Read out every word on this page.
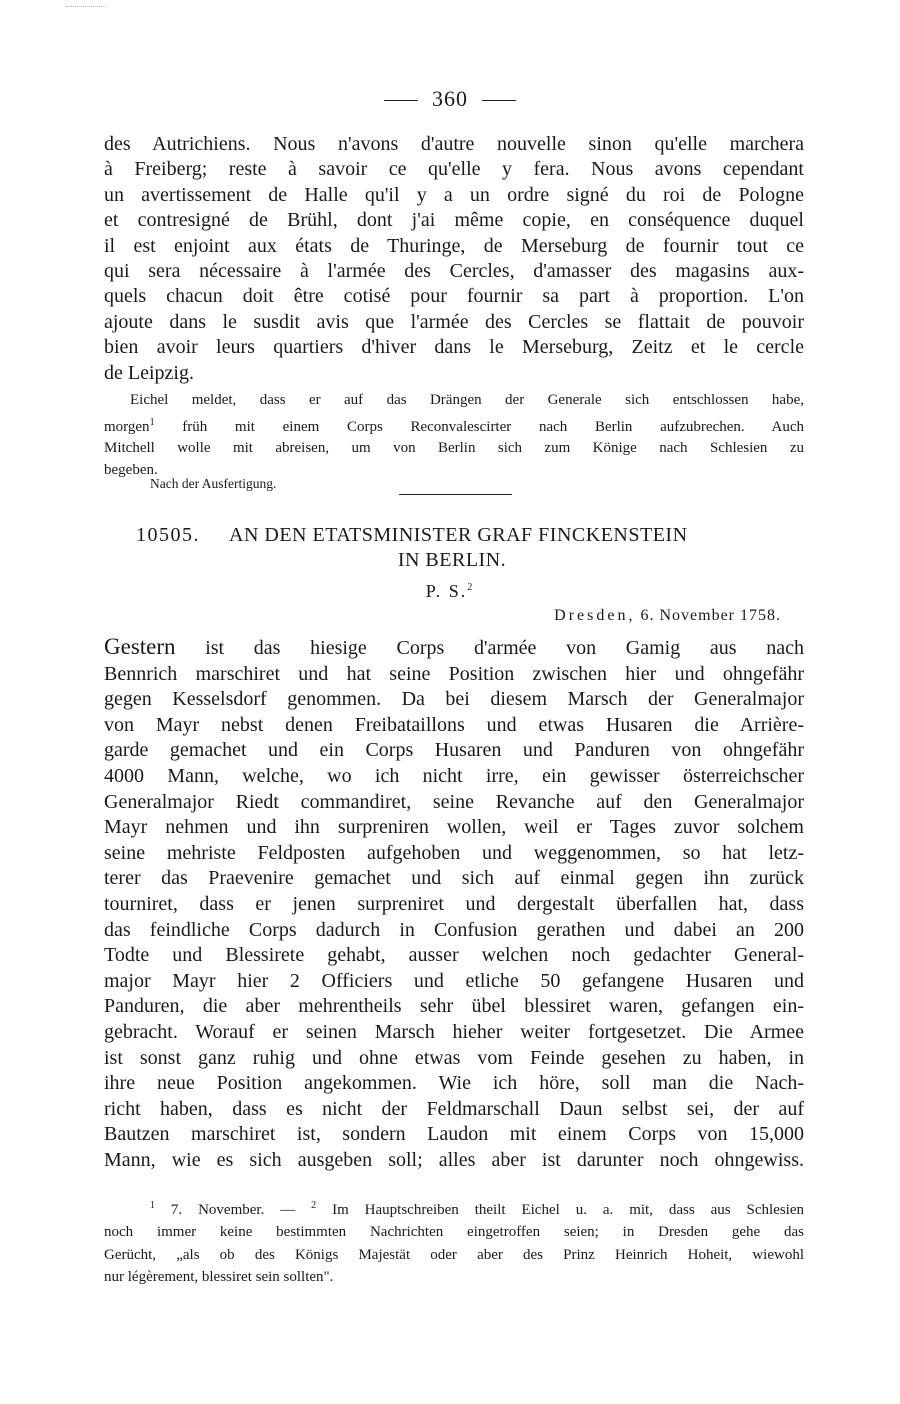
360
des Autrichiens. Nous n'avons d'autre nouvelle sinon qu'elle marchera
à Freiberg; reste à savoir ce qu'elle y fera. Nous avons cependant
un avertissement de Halle qu'il y a un ordre signé du roi de Pologne
et contresigné de Brühl, dont j'ai même copie, en conséquence duquel
il est enjoint aux états de Thuringe, de Merseburg de fournir tout ce
qui sera nécessaire à l'armée des Cercles, d'amasser des magasins aux-
quels chacun doit être cotisé pour fournir sa part à proportion. L'on
ajoute dans le susdit avis que l'armée des Cercles se flattait de pouvoir
bien avoir leurs quartiers d'hiver dans le Merseburg, Zeitz et le cercle
de Leipzig.
Eichel meldet, dass er auf das Drängen der Generale sich entschlossen habe,
morgen$^1$ früh mit einem Corps Reconvalescirter nach Berlin aufzubrechen. Auch
Mitchell wolle mit abreisen, um von Berlin sich zum Könige nach Schlesien zu
begeben.
Nach der Ausfertigung.
10505. AN DEN ETATSMINISTER GRAF FINCKENSTEIN
IN BERLIN.
P. S.$^2$
Dresden, 6. November 1758.
Gestern ist das hiesige Corps d'armée von Gamig aus nach
Bennrich marschiret und hat seine Position zwischen hier und ohngefähr
gegen Kesselsdorf genommen. Da bei diesem Marsch der Generalmajor
von Mayr nebst denen Freibataillons und etwas Husaren die Arrière-
garde gemachet und ein Corps Husaren und Panduren von ohngefähr
4000 Mann, welche, wo ich nicht irre, ein gewisser österreichscher
Generalmajor Riedt commandiret, seine Revanche auf den Generalmajor
Mayr nehmen und ihn surpreniren wollen, weil er Tages zuvor solchem
seine mehriste Feldposten aufgehoben und weggenommen, so hat letz-
terer das Praevenire gemachet und sich auf einmal gegen ihn zurück
tourniret, dass er jenen surpreniret und dergestalt überfallen hat, dass
das feindliche Corps dadurch in Confusion gerathen und dabei an 200
Todte und Blessirete gehabt, ausser welchen noch gedachter General-
major Mayr hier 2 Officiers und etliche 50 gefangene Husaren und
Panduren, die aber mehrentheils sehr übel blessiret waren, gefangen ein-
gebracht. Worauf er seinen Marsch hieher weiter fortgesetzet. Die Armee
ist sonst ganz ruhig und ohne etwas vom Feinde gesehen zu haben, in
ihre neue Position angekommen. Wie ich höre, soll man die Nach-
richt haben, dass es nicht der Feldmarschall Daun selbst sei, der auf
Bautzen marschiret ist, sondern Laudon mit einem Corps von 15,000
Mann, wie es sich ausgeben soll; alles aber ist darunter noch ohngewiss.
$^1$ 7. November. — $^2$ Im Hauptschreiben theilt Eichel u. a. mit, dass aus Schlesien
noch immer keine bestimmten Nachrichten eingetroffen seien; in Dresden gehe das
Gerücht, „als ob des Königs Majestät oder aber des Prinz Heinrich Hoheit, wiewohl
nur légèrement, blessiret sein sollten".
